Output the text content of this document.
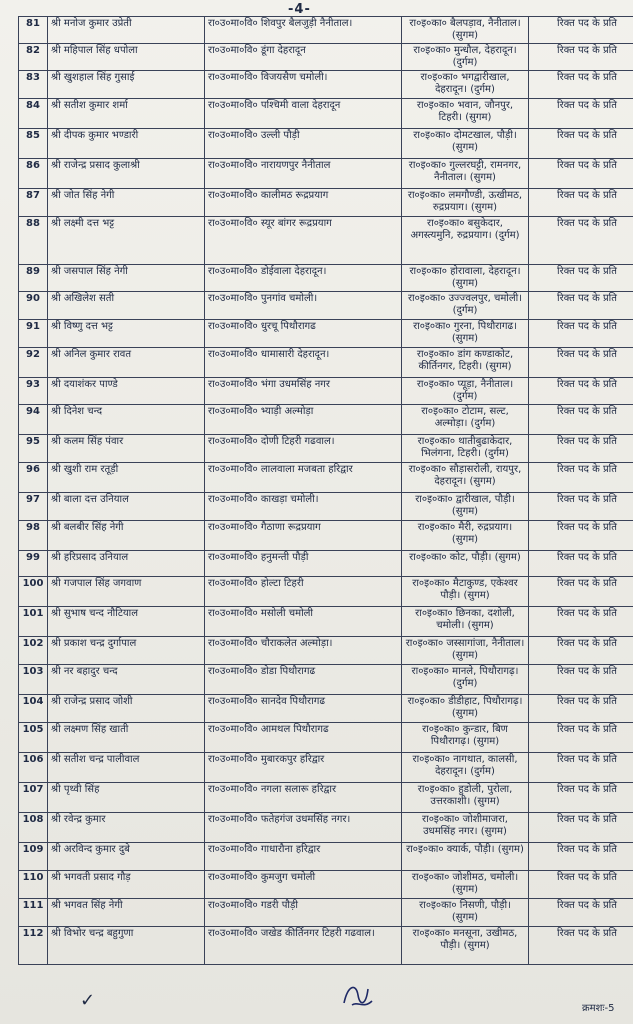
-4-
81	श्री मनोज कुमार उप्रेती	रा०उ०मा०वि० शिवपुर बैलजुड़ी नैनीताल।	रा०इ०का० बैलपड़ाव, नैनीताल। (सुगम)	रिक्त पद के प्रति
82	श्री महिपाल सिंह धपोला	रा०उ०मा०वि० डूंगा देहरादून	रा०इ०का० मुन्धौल, देहरादून। (दुर्गम)	रिक्त पद के प्रति
83	श्री खुशहाल सिंह गुसाई	रा०उ०मा०वि० विजयसैण चमोली।	रा०इ०का० भगद्वारीखाल, देहरादून। (दुर्गम)	रिक्त पद के प्रति
84	श्री सतीश कुमार शर्मा	रा०उ०मा०वि० पश्चिमी वाला देहरादून	रा०इ०का० भवान, जौनपुर, टिहरी। (सुगम)	रिक्त पद के प्रति
85	श्री दीपक कुमार भण्डारी	रा०उ०मा०वि० उल्ली पौड़ी	रा०इ०का० दोमटखाल, पौड़ी। (सुगम)	रिक्त पद के प्रति
86	श्री राजेन्द्र प्रसाद कुलाश्री	रा०उ०मा०वि० नारायणपुर नैनीताल	रा०इ०का० गुल्लरघट्टी, रामनगर, नैनीताल। (सुगम)	रिक्त पद के प्रति
87	श्री जोत सिंह नेगी	रा०उ०मा०वि० कालीमठ रूद्रप्रयाग	रा०इ०का० लमगौण्डी, ऊखीमठ, रुद्रप्रयाग। (सुगम)	रिक्त पद के प्रति
88	श्री लक्ष्मी दत्त भट्ट	रा०उ०मा०वि० स्यूर बांगर रूद्रप्रयाग	रा०इ०का० बसुकेदार, अगस्त्यमुनि, रुद्रप्रयाग। (दुर्गम)	रिक्त पद के प्रति
89	श्री जसपाल सिंह नेगी	रा०उ०मा०वि० डोईवाला देहरादून।	रा०इ०का० होरावाला, देहरादून। (सुगम)	रिक्त पद के प्रति
90	श्री अखिलेश सती	रा०उ०मा०वि० पुनगांव चमोली।	रा०इ०का० उज्ज्वलपुर, चमोली। (दुर्गम)	रिक्त पद के प्रति
91	श्री विष्णु दत्त भट्ट	रा०उ०मा०वि० धुरचू पिथौरागढ	रा०इ०का० गुरना, पिथौरागढ। (सुगम)	रिक्त पद के प्रति
92	श्री अनिल कुमार रावत	रा०उ०मा०वि० धामासारी देहरादून।	रा०इ०का० डांग कण्डाकोट, कीर्तिनगर, टिहरी। (सुगम)	रिक्त पद के प्रति
93	श्री दयाशंकर पाण्डे	रा०उ०मा०वि० भंगा उधमसिंह नगर	रा०इ०का० प्यूड़ा, नैनीताल। (दुर्गम)	रिक्त पद के प्रति
94	श्री दिनेश चन्द	रा०उ०मा०वि० भ्याड़ी अल्मोड़ा	रा०इ०का० टोटाम, सल्ट, अल्मोड़ा। (दुर्गम)	रिक्त पद के प्रति
95	श्री कलम सिंह पंवार	रा०उ०मा०वि० दोणी टिहरी गढवाल।	रा०इ०का० थातीबुढाकेदार, भिलंगना, टिहरी। (दुर्गम)	रिक्त पद के प्रति
96	श्री खुशी राम रतूड़ी	रा०उ०मा०वि० लालवाला मजबता हरिद्वार	रा०इ०का० सौड़ासरोली, रायपुर, देहरादून। (सुगम)	रिक्त पद के प्रति
97	श्री बाला दत्त उनियाल	रा०उ०मा०वि० काखड़ा चमोली।	रा०इ०का० द्वारीखाल, पौड़ी। (सुगम)	रिक्त पद के प्रति
98	श्री बलबीर सिंह नेगी	रा०उ०मा०वि० गैठाणा रूद्रप्रयाग	रा०इ०का० मैरी, रुद्रप्रयाग। (सुगम)	रिक्त पद के प्रति
99	श्री हरिप्रसाद उनियाल	रा०उ०मा०वि० हनुमन्ती पौड़ी	रा०इ०का० कोट, पौड़ी। (सुगम)	रिक्त पद के प्रति
100	श्री गजपाल सिंह जगवाण	रा०उ०मा०वि० होल्टा टिहरी	रा०इ०का० मैटाकुण्ड, एकेश्वर पौड़ी। (सुगम)	रिक्त पद के प्रति
101	श्री सुभाष चन्द नौटियाल	रा०उ०मा०वि० मसोली चमोली	रा०इ०का० छिनका, दशोली, चमोली। (सुगम)	रिक्त पद के प्रति
102	श्री प्रकाश चन्द्र दुर्गापाल	रा०उ०मा०वि० चौराकलेत अल्मोड़ा।	रा०इ०का० जस्सागांजा, नैनीताल। (सुगम)	रिक्त पद के प्रति
103	श्री नर बहादुर चन्द	रा०उ०मा०वि० डोडा पिथौरागढ	रा०इ०का० मानले, पिथौरागढ़। (दुर्गम)	रिक्त पद के प्रति
104	श्री राजेन्द्र प्रसाद जोशी	रा०उ०मा०वि० सानदेव पिथौरागढ	रा०इ०का० डीडीहाट, पिथौरागढ़। (सुगम)	रिक्त पद के प्रति
105	श्री लक्ष्मण सिंह खाती	रा०उ०मा०वि० आमथल पिथौरागढ	रा०इ०का० कुन्डार, बिण पिथौरागढ़। (सुगम)	रिक्त पद के प्रति
106	श्री सतीश चन्द्र पालीवाल	रा०उ०मा०वि० मुबारकपुर हरिद्वार	रा०इ०का० नागथात, कालसी, देहरादून। (दुर्गम)	रिक्त पद के प्रति
107	श्री पृथ्वी सिंह	रा०उ०मा०वि० नगला सलारू हरिद्वार	रा०इ०का० हुडोली, पुरोला, उत्तरकाशी। (सुगम)	रिक्त पद के प्रति
108	श्री रवेन्द्र कुमार	रा०उ०मा०वि० फतेहगंज उधमसिंह नगर।	रा०इ०का० जोशीमाजरा, उधमसिंह नगर। (सुगम)	रिक्त पद के प्रति
109	श्री अरविन्द कुमार दुबे	रा०उ०मा०वि० गाधारौना हरिद्वार	रा०इ०का० क्यार्क, पौड़ी। (सुगम)	रिक्त पद के प्रति
110	श्री भगवती प्रसाद गौड़	रा०उ०मा०वि० कुमजुग चमोली	रा०इ०का० जोशीमठ, चमोली। (सुगम)	रिक्त पद के प्रति
111	श्री भगवत सिंह नेगी	रा०उ०मा०वि० गडरी पौड़ी	रा०इ०का० निसणी, पौड़ी। (सुगम)	रिक्त पद के प्रति
112	श्री विभोर चन्द्र बहुगुणा	रा०उ०मा०वि० जखेड कीर्तिनगर टिहरी गढवाल।	रा०इ०का० मनसूना, उखीमठ, पौड़ी। (सुगम)	रिक्त पद के प्रति
✓	क्रमशः-5
